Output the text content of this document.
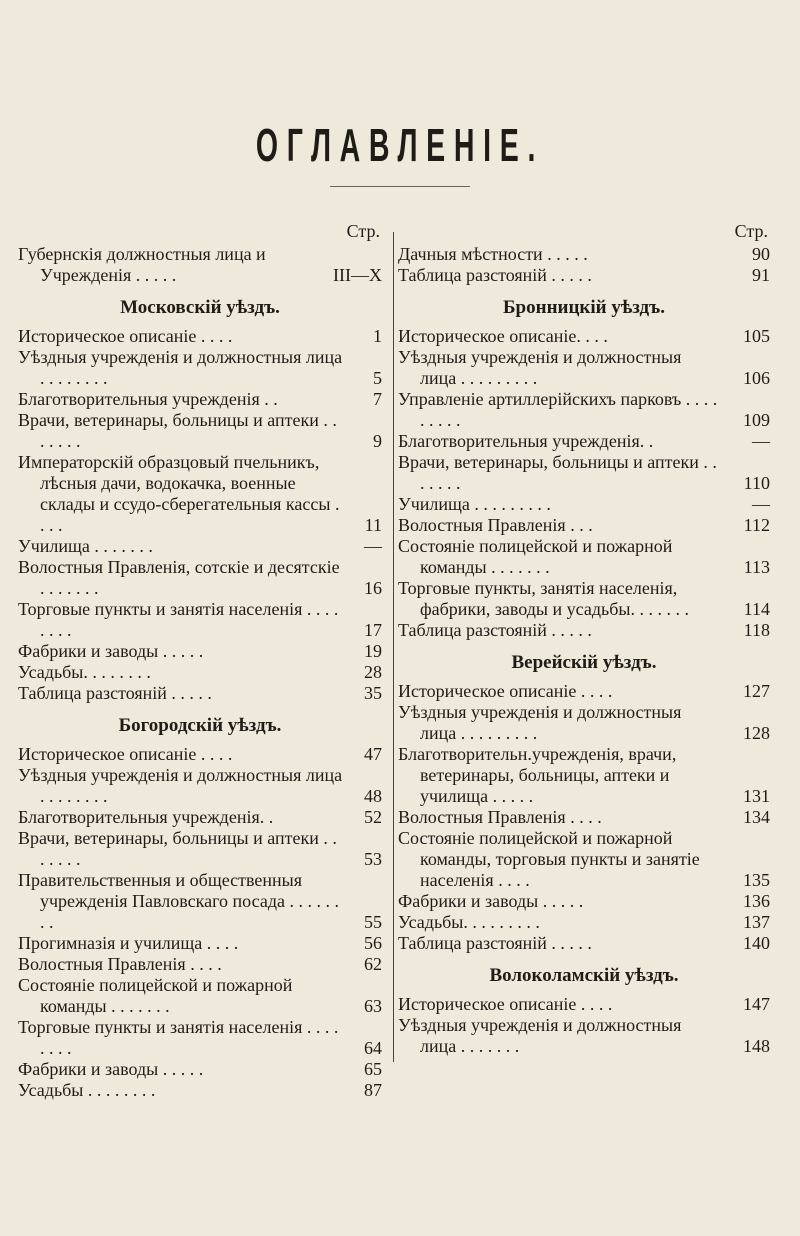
ОГЛАВЛЕНІЕ.
Стр.
Губернскія должностныя лица и Учрежденія . . . . .	III—X
Московскій уѣздъ.
Историческое описаніе . . . .	1
Уѣздныя учрежденія и должностныя лица . . . . . . . .	5
Благотворительныя учрежденія . .	7
Врачи, ветеринары, больницы и аптеки . . . . . . .	9
Императорскій образцовый пчельникъ, лѣсныя дачи, водокачка, военные склады и ссудо-сберегательныя кассы . . . .	11
Училища . . . . . . .	—
Волостныя Правленія, сотскіе и десятскіе . . . . . . .	16
Торговые пункты и занятія населенія . . . . . . . .	17
Фабрики и заводы . . . . .	19
Усадьбы. . . . . . . .	28
Таблица разстояній . . . . .	35
Богородскій уѣздъ.
Историческое описаніе . . . .	47
Уѣздныя учрежденія и должностныя лица . . . . . . . .	48
Благотворительныя учрежденія. .	52
Врачи, ветеринары, больницы и аптеки . . . . . . .	53
Правительственныя и общественныя учрежденія Павловскаго посада . . . . . . . .	55
Прогимназія и училища . . . .	56
Волостныя Правленія . . . .	62
Состояніе полицейской и пожарной команды . . . . . . .	63
Торговые пункты и занятія населенія . . . . . . . .	64
Фабрики и заводы . . . . .	65
Усадьбы . . . . . . . .	87
Стр.
Дачныя мѣстности . . . . .	90
Таблица разстояній . . . . .	91
Бронницкій уѣздъ.
Историческое описаніе. . . .	105
Уѣздныя учрежденія и должностныя лица . . . . . . . . .	106
Управленіе артиллерійскихъ парковъ . . . . . . . . .	109
Благотворительныя учрежденія. .	—
Врачи, ветеринары, больницы и аптеки . . . . . . .	110
Училища . . . . . . . . .	—
Волостныя Правленія . . .	112
Состояніе полицейской и пожарной команды . . . . . . .	113
Торговые пункты, занятія населенія, фабрики, заводы и усадьбы. . . . . . .	114
Таблица разстояній . . . . .	118
Верейскій уѣздъ.
Историческое описаніе . . . .	127
Уѣздныя учрежденія и должностныя лица . . . . . . . . .	128
Благотворительн.учрежденія, врачи, ветеринары, больницы, аптеки и училища . . . . .	131
Волостныя Правленія . . . .	134
Состояніе полицейской и пожарной команды, торговыя пункты и занятіе населенія . . . .	135
Фабрики и заводы . . . . .	136
Усадьбы. . . . . . . . .	137
Таблица разстояній . . . . .	140
Волоколамскій уѣздъ.
Историческое описаніе . . . .	147
Уѣздныя учрежденія и должностныя лица . . . . . . .	148
